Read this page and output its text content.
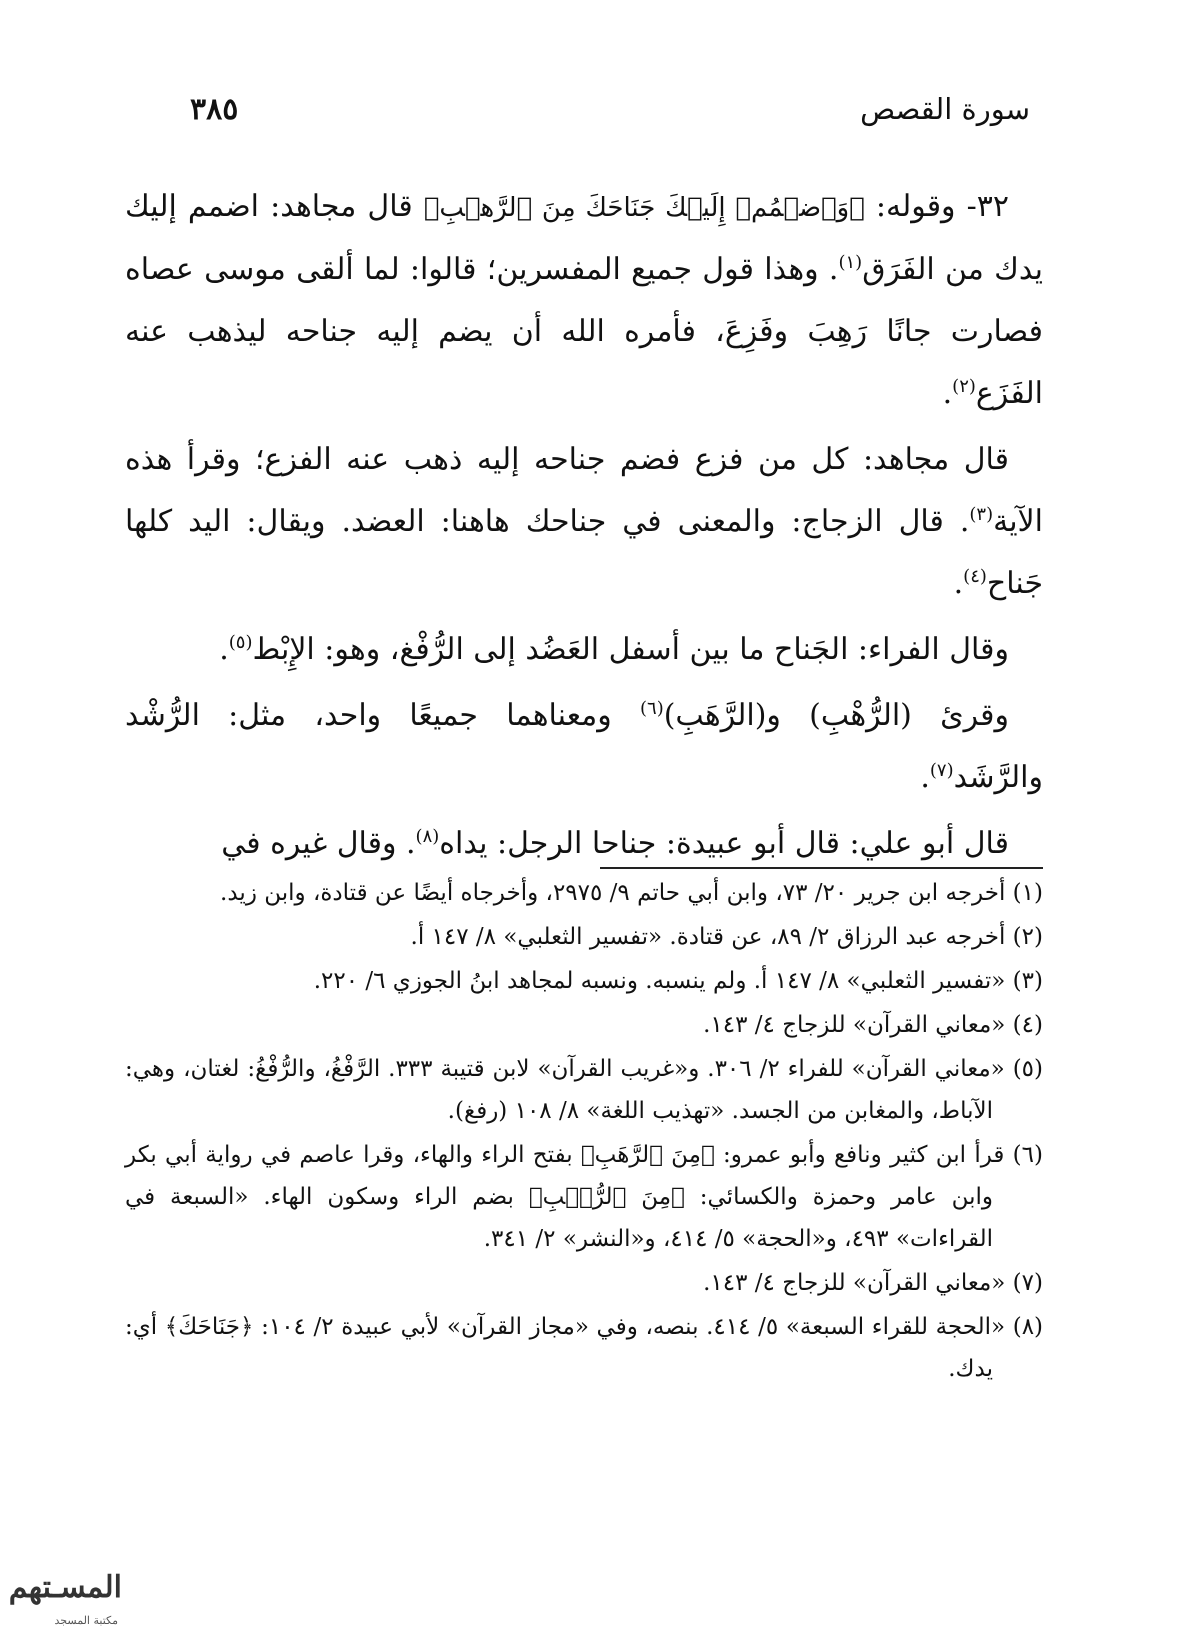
سورة القصص
٣٨٥

٣٢- وقوله: ﴿وَٱضۡمُمۡ إِلَيۡكَ جَنَاحَكَ مِنَ ٱلرَّهۡبِ﴾ قال مجاهد: اضمم إليك يدك من الفَرَق$^{(١)}$. وهذا قول جميع المفسرين؛ قالوا: لما ألقى موسى عصاه فصارت جانًا رَهِبَ وفَزِعَ، فأمره الله أن يضم إليه جناحه ليذهب عنه الفَزَع$^{(٢)}$.

قال مجاهد: كل من فزع فضم جناحه إليه ذهب عنه الفزع؛ وقرأ هذه الآية$^{(٣)}$. قال الزجاج: والمعنى في جناحك هاهنا: العضد. ويقال: اليد كلها جَناح$^{(٤)}$.

وقال الفراء: الجَناح ما بين أسفل العَضُد إلى الرُّفْغ، وهو: الإِبْط$^{(٥)}$.

وقرئ (الرُّهْبِ) و(الرَّهَبِ)$^{(٦)}$ ومعناهما جميعًا واحد، مثل: الرُّشْد والرَّشَد$^{(٧)}$.

قال أبو علي: قال أبو عبيدة: جناحا الرجل: يداه$^{(٨)}$. وقال غيره في

(١) أخرجه ابن جرير ٢٠/ ٧٣، وابن أبي حاتم ٩/ ٢٩٧٥، وأخرجاه أيضًا عن قتادة، وابن زيد.

(٢) أخرجه عبد الرزاق ٢/ ٨٩، عن قتادة. «تفسير الثعلبي» ٨/ ١٤٧ أ.

(٣) «تفسير الثعلبي» ٨/ ١٤٧ أ. ولم ينسبه. ونسبه لمجاهد ابنُ الجوزي ٦/ ٢٢٠.

(٤) «معاني القرآن» للزجاج ٤/ ١٤٣.

(٥) «معاني القرآن» للفراء ٢/ ٣٠٦. و«غريب القرآن» لابن قتيبة ٣٣٣. الرَّفْغُ، والرُّفْغُ: لغتان، وهي: الآباط، والمغابن من الجسد. «تهذيب اللغة» ٨/ ١٠٨ (رفغ).

(٦) قرأ ابن كثير ونافع وأبو عمرو: ﴿مِنَ ٱلرَّهَبِ﴾ بفتح الراء والهاء، وقرا عاصم في رواية أبي بكر وابن عامر وحمزة والكسائي: ﴿مِنَ ٱلرُّهۡبِ﴾ بضم الراء وسكون الهاء. «السبعة في القراءات» ٤٩٣، و«الحجة» ٥/ ٤١٤، و«النشر» ٢/ ٣٤١.

(٧) «معاني القرآن» للزجاج ٤/ ١٤٣.

(٨) «الحجة للقراء السبعة» ٥/ ٤١٤. بنصه، وفي «مجاز القرآن» لأبي عبيدة ٢/ ١٠٤: ﴿جَنَاحَكَ﴾ أي: يدك.

المسـتهم
مكتبة المسجد
